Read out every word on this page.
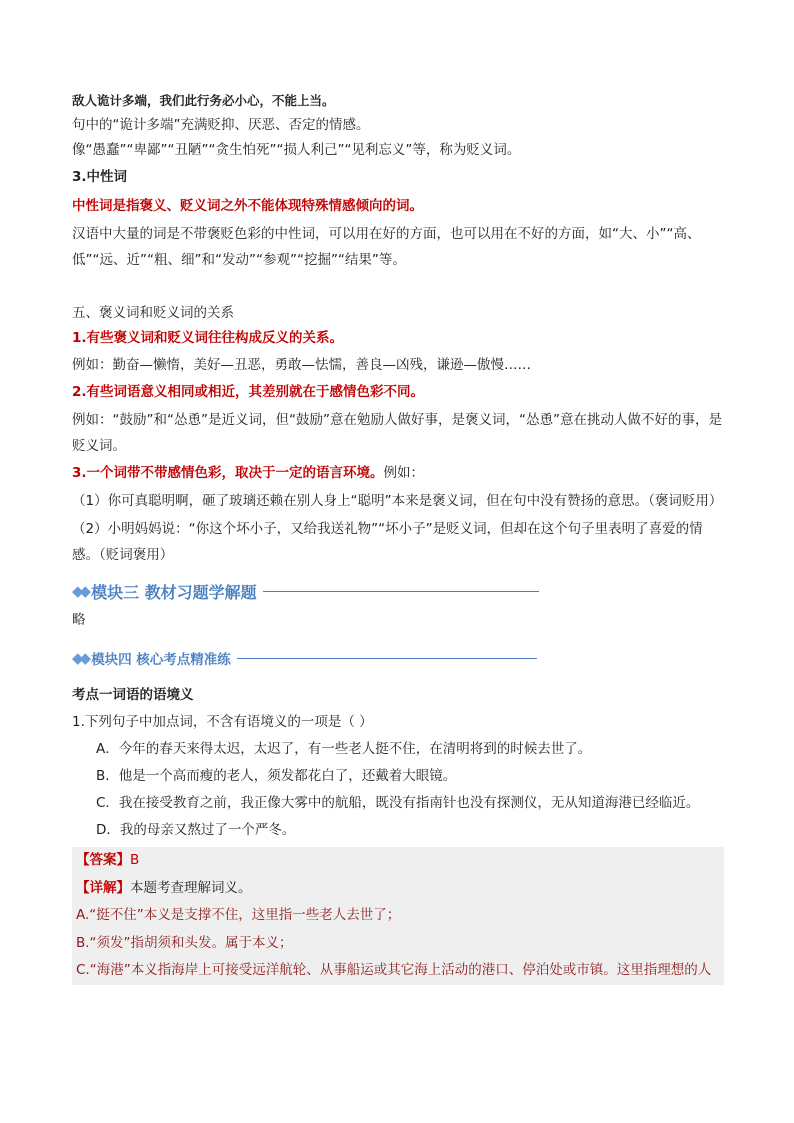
敌人诡计多端，我们此行务必小心，不能上当。
句中的“诡计多端”充满贬抑、厌恶、否定的情感。
像“愚蠢”“卑鄙”“丑陋”“贪生怕死”“损人利己”“见利忘义”等，称为贬义词。
3.中性词
中性词是指褒义、贬义词之外不能体现特殊情感倾向的词。
汉语中大量的词是不带褒贬色彩的中性词，可以用在好的方面，也可以用在不好的方面，如“大、小”“高、低”“远、近”“粗、细”和“发动”“参观”“挖掘”“结果”等。
五、褒义词和贬义词的关系
1.有些褒义词和贬义词往往构成反义的关系。
例如：勤奋—懒惰，美好—丑恶，勇敢—怯懦，善良—凶残，谦逊—傲慢……
2.有些词语意义相同或相近，其差别就在于感情色彩不同。
例如：“鼓励”和“怂恿”是近义词，但“鼓励”意在勉励人做好事，是褒义词，“怂恿”意在挑动人做不好的事，是贬义词。
3.一个词带不带感情色彩，取决于一定的语言环境。例如：
（1）你可真聪明啊，砸了玻璃还赖在别人身上“聪明”本来是褒义词，但在句中没有赞扬的意思。（褒词贬用）
（2）小明妈妈说：“你这个坏小子，又给我送礼物”“坏小子”是贬义词，但却在这个句子里表明了喜爱的情感。（贬词褒用）
◆◆ 模块三 教材习题学解题
略
◆◆ 模块四 核心考点精准练
考点一词语的语境义
1.下列句子中加点词，不含有语境义的一项是（ ）
A．今年的春天来得太迟，太迟了，有一些老人挺不住，在清明将到的时候去世了。
B．他是一个高而瘦的老人，须发都花白了，还戴着大眼镜。
C．我在接受教育之前，我正像大雾中的航船，既没有指南针也没有探测仪，无从知道海港已经临近。
D．我的母亲又熬过了一个严冬。
【答案】B
【详解】本题考查理解词义。
A.“挺不住”本义是支撑不住，这里指一些老人去世了；
B.“须发”指胡须和头发。属于本义；
C.“海港”本义指海岸上可接受远洋航轮、从事船运或其它海上活动的港口、停泊处或市镇。这里指理想的人
